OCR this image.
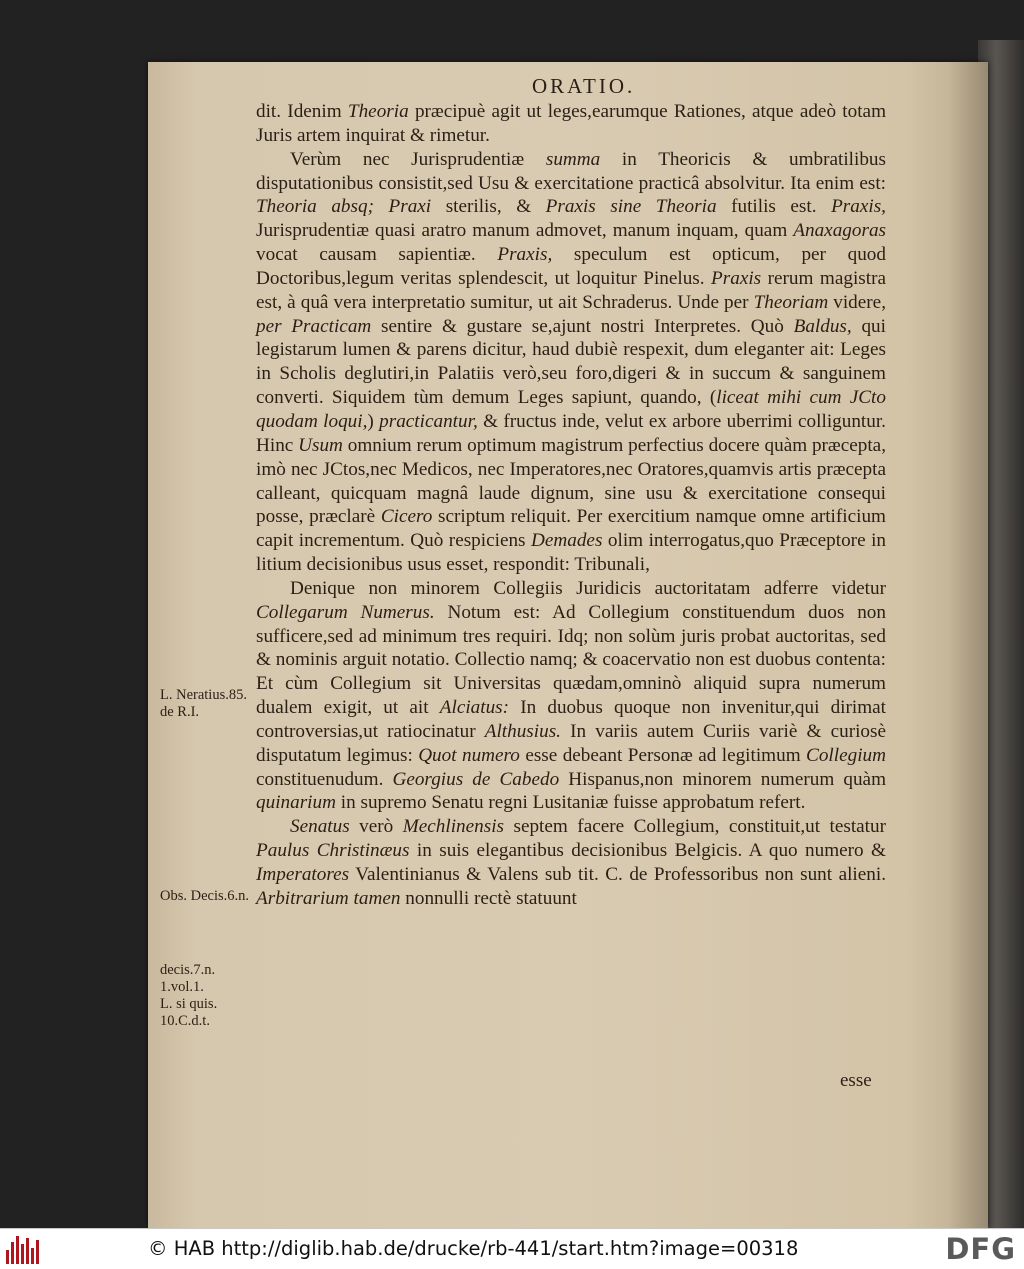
ORATIO.

dit. Idenim Theoria præcipuè agit ut leges,earumque Rationes, atque adeò totam Juris artem inquirat & rimetur.

Verùm nec Jurisprudentiæ summa in Theoricis & umbratilibus disputationibus consistit,sed Usu & exercitatione practicâ absolvitur. Ita enim est: Theoria absq; Praxi sterilis, & Praxis sine Theoria futilis est. Praxis, Jurisprudentiæ quasi aratro manum admovet, manum inquam, quam Anaxagoras vocat causam sapientiæ. Praxis, speculum est opticum, per quod Doctoribus,legum veritas splendescit, ut loquitur Pinelus. Praxis rerum magistra est, à quâ vera interpretatio sumitur, ut ait Schraderus. Unde per Theoriam videre, per Practicam sentire & gustare se,ajunt nostri Interpretes. Quò Baldus, qui legistarum lumen & parens dicitur, haud dubiè respexit, dum eleganter ait: Leges in Scholis deglutiri,in Palatiis verò,seu foro,digeri & in succum & sanguinem converti. Siquidem tùm demum Leges sapiunt, quando, (liceat mihi cum JCto quodam loqui,) practicantur, & fructus inde, velut ex arbore uberrimi colliguntur. Hinc Usum omnium rerum optimum magistrum perfectius docere quàm præcepta, imò nec JCtos,nec Medicos, nec Imperatores,nec Oratores,quamvis artis præcepta calleant, quicquam magnâ laude dignum, sine usu & exercitatione consequi posse, præclarè Cicero scriptum reliquit. Per exercitium namque omne artificium capit incrementum. Quò respiciens Demades olim interrogatus,quo Præceptore in litium decisionibus usus esset, respondit: Tribunali,

Denique non minorem Collegiis Juridicis auctoritatam adferre videtur Collegarum Numerus. Notum est: Ad Collegium constituendum duos non sufficere,sed ad minimum tres requiri. Idq; non solùm juris probat auctoritas, sed & nominis arguit notatio. Collectio namq; & coacervatio non est duobus contenta: Et cùm Collegium sit Universitas quædam,omninò aliquid supra numerum dualem exigit, ut ait Alciatus: In duobus quoque non invenitur,qui dirimat controversias,ut ratiocinatur Althusius. In variis autem Curiis variè & curiosè disputatum legimus: Quot numero esse debeant Personæ ad legitimum Collegium constituenudum. Georgius de Cabedo Hispanus,non minorem numerum quàm quinarium in supremo Senatu regni Lusitaniæ fuisse approbatum refert.

Senatus verò Mechlinensis septem facere Collegium, constituit,ut testatur Paulus Christinæus in suis elegantibus decisionibus Belgicis. A quo numero & Imperatores Valentinianus & Valens sub tit. C. de Professoribus non sunt alieni. Arbitrarium tamen nonnulli rectè statuunt

L. Neratius.85. de R.I.
Obs. Decis.6.n.
decis.7.n.
1.vol.1.
L. si quis.
10.C.d.t.
esse
© HAB http://diglib.hab.de/drucke/rb-441/start.htm?image=00318	DFG
